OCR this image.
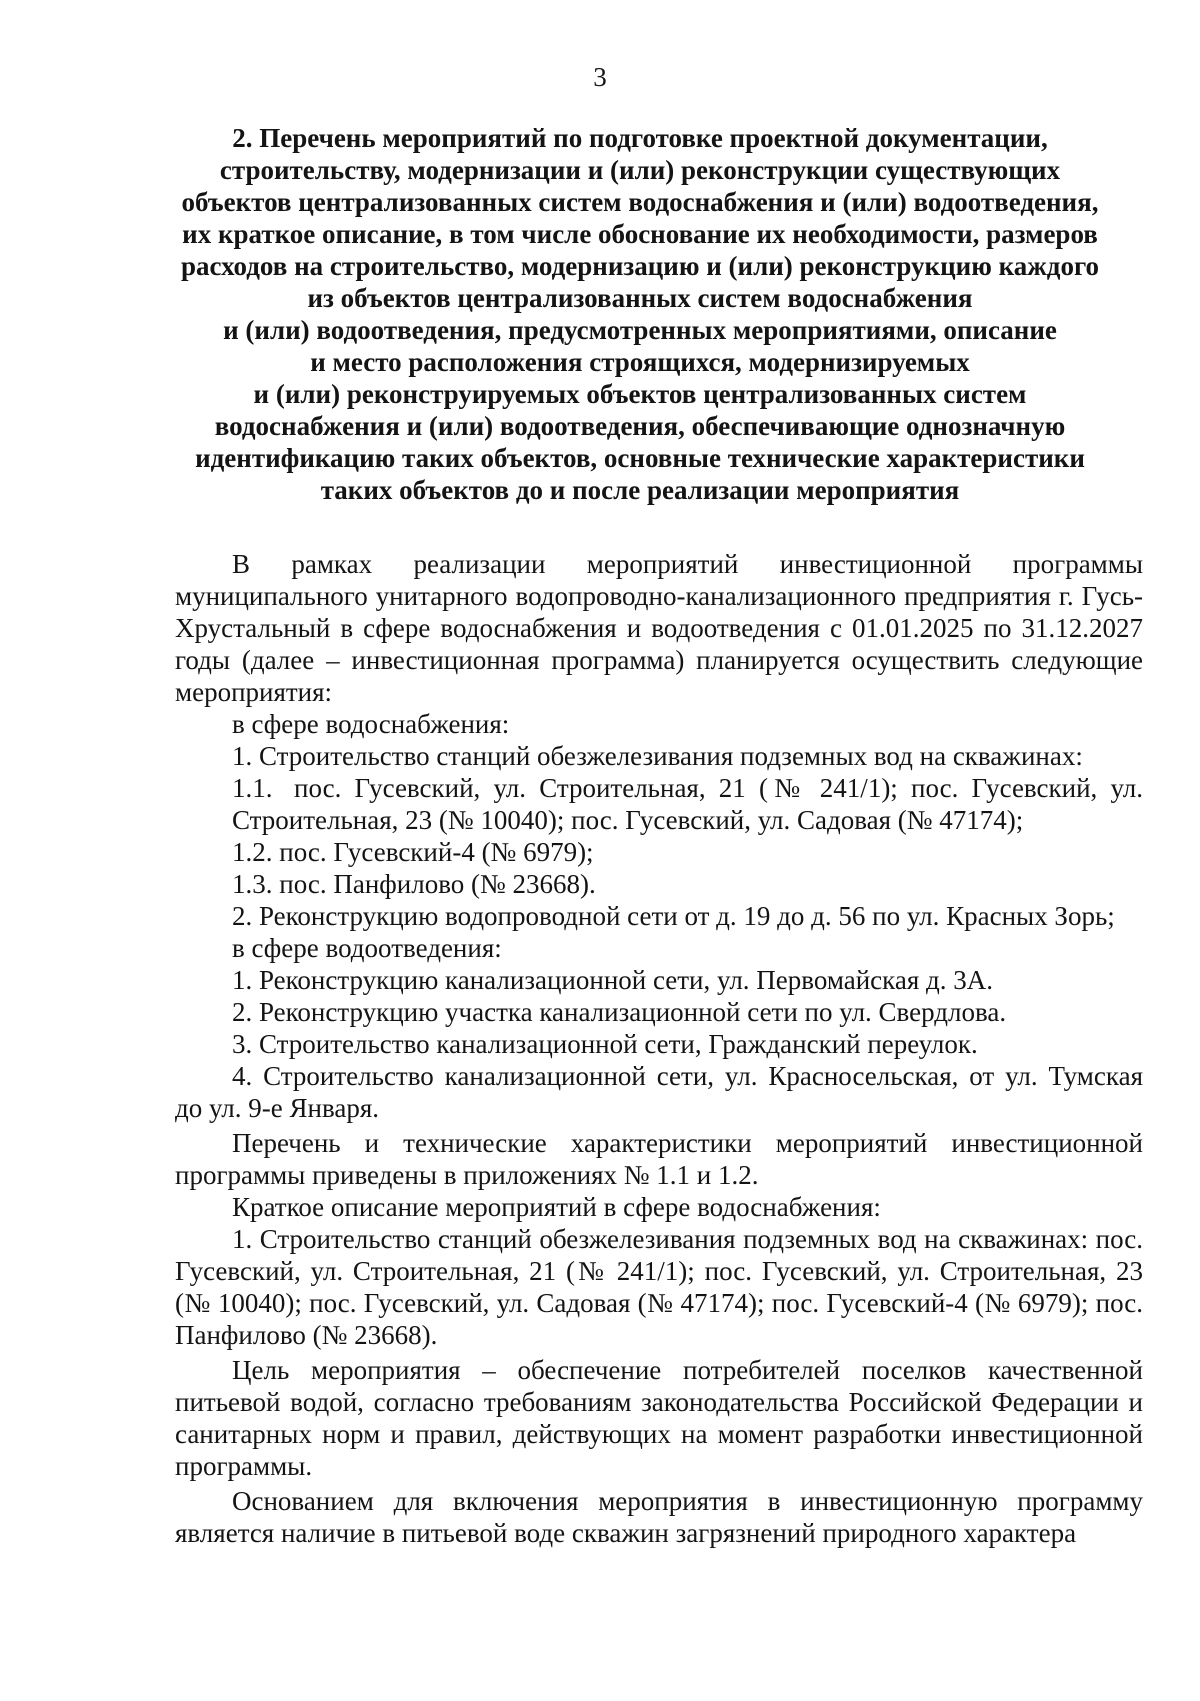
3
2. Перечень мероприятий по подготовке проектной документации,
строительству, модернизации и (или) реконструкции существующих
объектов централизованных систем водоснабжения и (или) водоотведения,
их краткое описание, в том числе обоснование их необходимости, размеров
расходов на строительство, модернизацию и (или) реконструкцию каждого
из объектов централизованных систем водоснабжения
и (или) водоотведения, предусмотренных мероприятиями, описание
и место расположения строящихся, модернизируемых
и (или) реконструируемых объектов централизованных систем
водоснабжения и (или) водоотведения, обеспечивающие однозначную
идентификацию таких объектов, основные технические характеристики
таких объектов до и после реализации мероприятия

В рамках реализации мероприятий инвестиционной программы муниципального унитарного водопроводно-канализационного предприятия г. Гусь-Хрустальный в сфере водоснабжения и водоотведения с 01.01.2025 по 31.12.2027 годы (далее – инвестиционная программа) планируется осуществить следующие мероприятия:

в сфере водоснабжения:

1. Строительство станций обезжелезивания подземных вод на скважинах:

1.1. пос. Гусевский, ул. Строительная, 21 (№ 241/1); пос. Гусевский, ул. Строительная, 23 (№ 10040); пос. Гусевский, ул. Садовая (№ 47174);

1.2. пос. Гусевский-4 (№ 6979);

1.3. пос. Панфилово (№ 23668).

2. Реконструкцию водопроводной сети от д. 19 до д. 56 по ул. Красных Зорь;

в сфере водоотведения:

1. Реконструкцию канализационной сети, ул. Первомайская д. 3А.

2. Реконструкцию участка канализационной сети по ул. Свердлова.

3. Строительство канализационной сети, Гражданский переулок.

4. Строительство канализационной сети, ул. Красносельская, от ул. Тумская до ул. 9-е Января.

Перечень и технические характеристики мероприятий инвестиционной программы приведены в приложениях № 1.1 и 1.2.

Краткое описание мероприятий в сфере водоснабжения:

1. Строительство станций обезжелезивания подземных вод на скважинах: пос. Гусевский, ул. Строительная, 21 (№ 241/1); пос. Гусевский, ул. Строительная, 23 (№ 10040); пос. Гусевский, ул. Садовая (№ 47174); пос. Гусевский-4 (№ 6979); пос. Панфилово (№ 23668).

Цель мероприятия – обеспечение потребителей поселков качественной питьевой водой, согласно требованиям законодательства Российской Федерации и санитарных норм и правил, действующих на момент разработки инвестиционной программы.

Основанием для включения мероприятия в инвестиционную программу является наличие в питьевой воде скважин загрязнений природного характера
